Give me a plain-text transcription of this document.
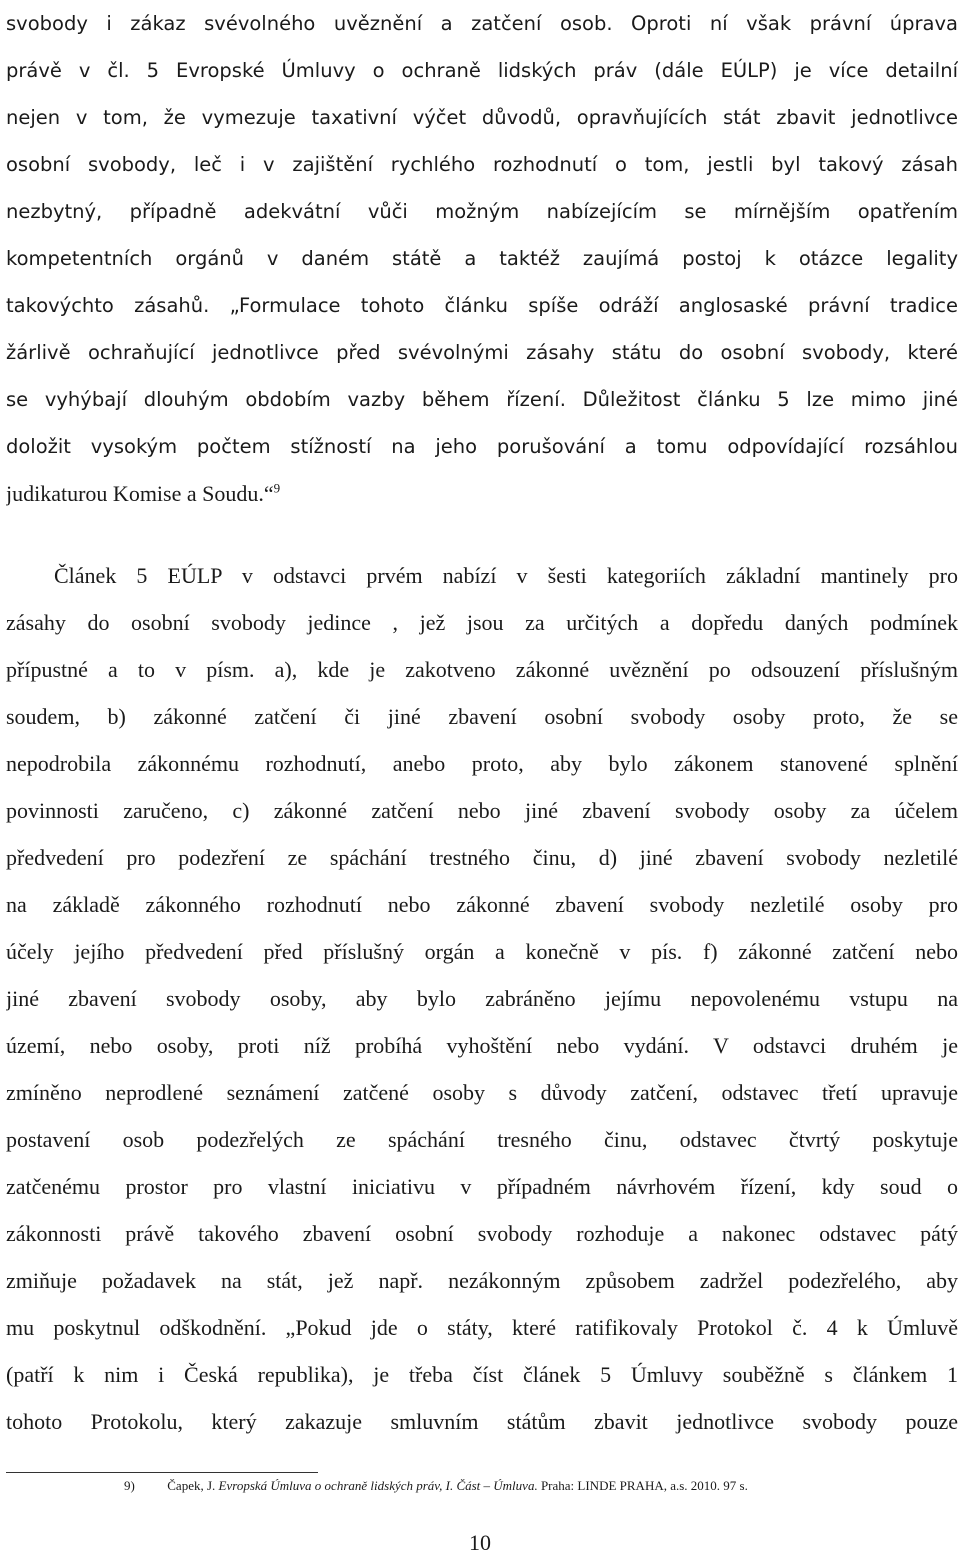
svobody i zákaz svévolného uvěznění a zatčení osob. Oproti ní však právní úprava
právě v čl. 5 Evropské Úmluvy o ochraně lidských práv (dále EÚLP) je více detailní
nejen v tom, že vymezuje taxativní výčet důvodů, opravňujících stát zbavit jednotlivce
osobní svobody, leč i v zajištění rychlého rozhodnutí o tom, jestli byl takový zásah
nezbytný, případně adekvátní vůči možným nabízejícím se mírnějším opatřením
kompetentních orgánů v daném státě a taktéž zaujímá postoj k otázce legality
takovýchto zásahů. „Formulace tohoto článku spíše odráží anglosaské právní tradice
žárlivě ochraňující jednotlivce před svévolnými zásahy státu do osobní svobody, které
se vyhýbají dlouhým obdobím vazby během řízení. Důležitost článku 5 lze mimo jiné
doložit vysokým počtem stížností na jeho porušování a tomu odpovídající rozsáhlou
judikaturou Komise a Soudu.“$^9$
Článek 5 EÚLP v odstavci prvém nabízí v šesti kategoriích základní mantinely pro
zásahy do osobní svobody jedince , jež jsou za určitých a dopředu daných podmínek
přípustné a to v písm. a), kde je zakotveno zákonné uvěznění po odsouzení příslušným
soudem, b) zákonné zatčení či jiné zbavení osobní svobody osoby proto, že se
nepodrobila zákonnému rozhodnutí, anebo proto, aby bylo zákonem stanovené splnění
povinnosti zaručeno, c) zákonné zatčení nebo jiné zbavení svobody osoby za účelem
předvedení pro podezření ze spáchání trestného činu, d) jiné zbavení svobody nezletilé
na základě zákonného rozhodnutí nebo zákonné zbavení svobody nezletilé osoby pro
účely jejího předvedení před příslušný orgán a konečně v pís. f) zákonné zatčení nebo
jiné zbavení svobody osoby, aby bylo zabráněno jejímu nepovolenému vstupu na
území, nebo osoby, proti níž probíhá vyhoštění nebo vydání. V odstavci druhém je
zmíněno neprodlené seznámení zatčené osoby s důvody zatčení, odstavec třetí upravuje
postavení osob podezřelých ze spáchání tresného činu, odstavec čtvrtý poskytuje
zatčenému prostor pro vlastní iniciativu v případném návrhovém řízení, kdy soud o
zákonnosti právě takového zbavení osobní svobody rozhoduje a nakonec odstavec pátý
zmiňuje požadavek na stát, jež např. nezákonným způsobem zadržel podezřelého, aby
mu poskytnul odškodnění. „Pokud jde o státy, které ratifikovaly Protokol č. 4 k Úmluvě
(patří k nim i Česká republika), je třeba číst článek 5 Úmluvy souběžně s článkem 1
tohoto Protokolu, který zakazuje smluvním státům zbavit jednotlivce svobody pouze
9) Čapek, J. Evropská Úmluva o ochraně lidských práv, I. Část – Úmluva. Praha: LINDE PRAHA, a.s. 2010. 97 s.
10
